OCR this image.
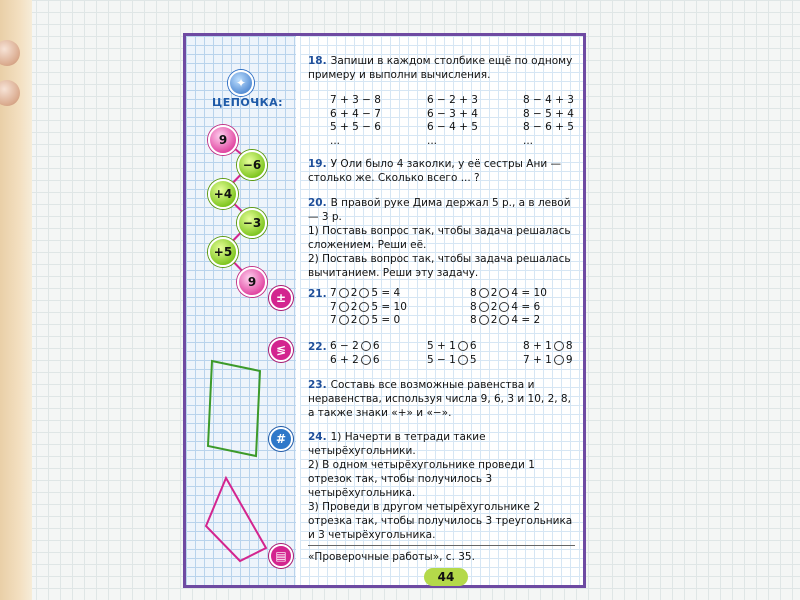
✦
ЦЕПОЧКА:
9
−6
+4
−3
+5
9
±
≶
#
▤
18. Запиши в каждом столбике ещё по одному примеру и выполни вычисления.
7 + 3 − 8
6 + 4 − 7
5 + 5 − 6
...
6 − 2 + 3
6 − 3 + 4
6 − 4 + 5
...
8 − 4 + 3
8 − 5 + 4
8 − 6 + 5
...
19. У Оли было 4 заколки, у её сестры Ани — столько же. Сколько всего ... ?
20. В правой руке Дима держал 5 р., а в левой — 3 р.
1) Поставь вопрос так, чтобы задача решалась сложением. Реши её.
2) Поставь вопрос так, чтобы задача решалась вычитанием. Реши эту задачу.
21. 7 2 5 = 4
7 2 5 = 10
7 2 5 = 0
8 2 4 = 10
8 2 4 = 6
8 2 4 = 2
22. 6 − 2 6
6 + 2 6
5 + 1 6
5 − 1 5
8 + 1 8
7 + 1 9
23. Составь все возможные равенства и неравенства, используя числа 9, 6, 3 и 10, 2, 8, а также знаки «+» и «−».
24. 1) Начерти в тетради такие четырёхугольники.
2) В одном четырёхугольнике проведи 1 отрезок так, чтобы получилось 3 четырёхугольника.
3) Проведи в другом четырёхугольнике 2 отрезка так, чтобы получилось 3 треугольника и 3 четырёхугольника.
«Проверочные работы», с. 35.
44
